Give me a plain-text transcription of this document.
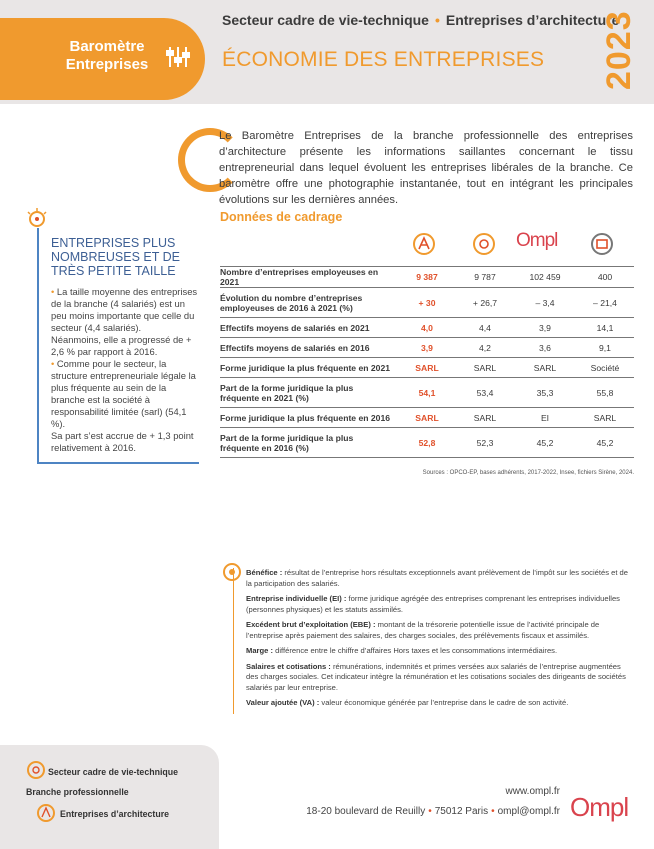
Baromètre
Entreprises
Secteur cadre de vie-technique • Entreprises d’architecture
ÉCONOMIE DES ENTREPRISES 2023

Le Baromètre Entreprises de la branche professionnelle des entreprises d’architecture présente les informations saillantes concernant le tissu entrepreneurial dans lequel évoluent les entreprises libérales de la branche. Ce baromètre offre une photographie instantanée, tout en intégrant les principales évolutions sur les dernières années.

ENTREPRISES PLUS NOMBREUSES ET DE TRÈS PETITE TAILLE

• La taille moyenne des entreprises de la branche (4 salariés) est un peu moins importante que celle du secteur (4,4 salariés).

Néanmoins, elle a progressé de + 2,6 % par rapport à 2016.

• Comme pour le secteur, la structure entrepreneuriale légale la plus fréquente au sein de la branche est la société à responsabilité limitée (sarl) (54,1 %).

Sa part s’est accrue de + 1,3 point relativement à 2016.

Données de cadrage
Ompl
Nombre d’entreprises employeuses en 2021	9 387	9 787	102 459	400
Évolution du nombre d’entreprises employeuses de 2016 à 2021 (%)	+ 30	+ 26,7	– 3,4	– 21,4
Effectifs moyens de salariés en 2021	4,0	4,4	3,9	14,1
Effectifs moyens de salariés en 2016	3,9	4,2	3,6	9,1
Forme juridique la plus fréquente en 2021	SARL	SARL	SARL	Société
Part de la forme juridique la plus fréquente en 2021 (%)	54,1	53,4	35,3	55,8
Forme juridique la plus fréquente en 2016	SARL	SARL	EI	SARL
Part de la forme juridique la plus fréquente en 2016 (%)	52,8	52,3	45,2	45,2
Sources : OPCO-EP, bases adhérents, 2017-2022, Insee, fichiers Sirène, 2024.

Bénéfice : résultat de l’entreprise hors résultats exceptionnels avant prélèvement de l’impôt sur les sociétés et de la participation des salariés.

Entreprise individuelle (EI) : forme juridique agrégée des entreprises comprenant les entreprises individuelles (personnes physiques) et les statuts assimilés.

Excédent brut d’exploitation (EBE) : montant de la trésorerie potentielle issue de l’activité principale de l’entreprise après paiement des salaires, des charges sociales, des prélèvements fiscaux et assimilés.

Marge : différence entre le chiffre d’affaires Hors taxes et les consommations intermédiaires.

Salaires et cotisations : rémunérations, indemnités et primes versées aux salariés de l’entreprise augmentées des charges sociales. Cet indicateur intègre la rémunération et les cotisations sociales des dirigeants de sociétés salariés par leur entreprise.

Valeur ajoutée (VA) : valeur économique générée par l’entreprise dans le cadre de son activité.

Secteur cadre de vie-technique
Branche professionnelle
Entreprises d’architecture
www.ompl.fr
18-20 boulevard de Reuilly • 75012 Paris • ompl@ompl.fr Ompl
